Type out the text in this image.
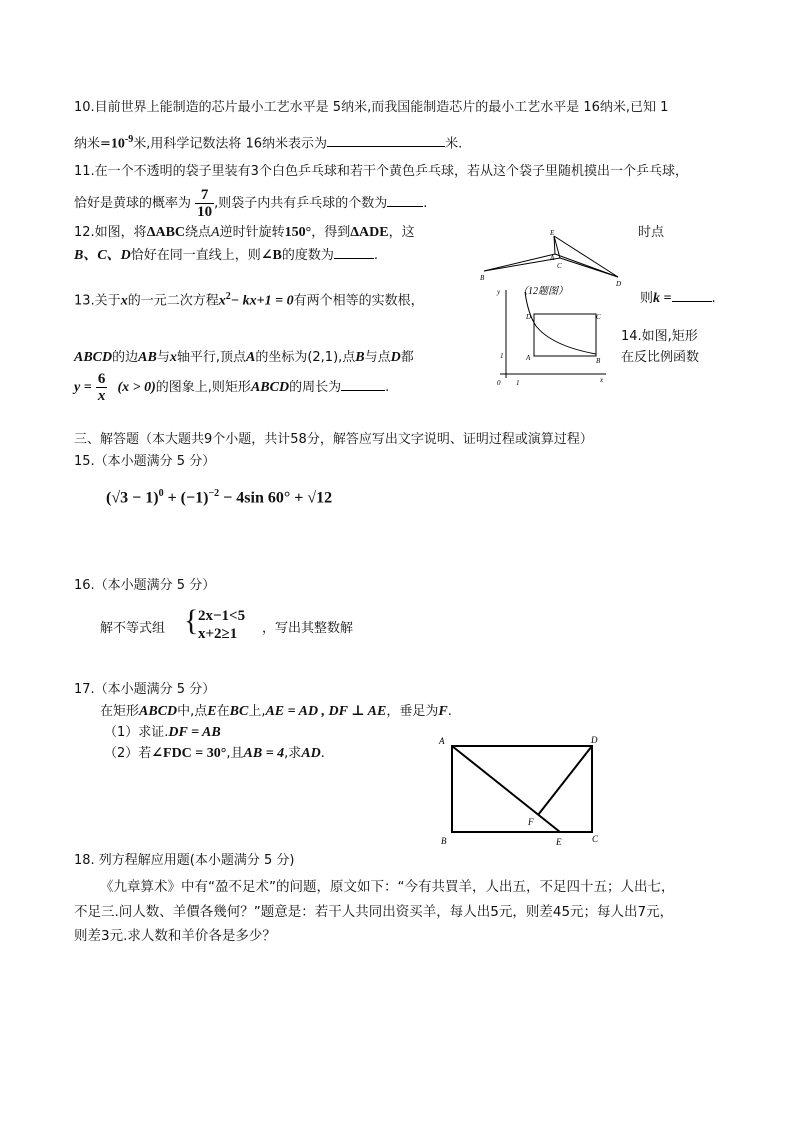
10.目前世界上能制造的芯片最小工艺水平是 5纳米,而我国能制造芯片的最小工艺水平是 16纳米,已知 1
纳米$=10^{-9}$米,用科学记数法将 16纳米表示为	米.
11.在一个不透明的袋子里装有3个白色乒乓球和若干个黄色乒乓球，若从这个袋子里随机摸出一个乒乓球，
恰好是黄球的概率为 $\frac{7}{10}$ ,则袋子内共有乒乓球的个数为	.
12.如图，将ΔABC绕点A逆时针旋转150°，得到ΔADE，这	时点
B、C、D恰好在同一直线上，则∠B的度数为	.
E
A
B
C
D
（12题图）
13.关于x的一元二次方程$x^2- kx+1 = 0$有两个相等的实数根，	则k =	.
y
D	C
A	B
0 1
1
x
14.如图,矩形
在反比例函数
ABCD的边AB与x轴平行,顶点A的坐标为(2,1),点B与点D都
$y = \frac{6}{x} (x > 0)$的图象上,则矩形ABCD的周长为	.
三、解答题（本大题共9个小题，共计58分，解答应写出文字说明、证明过程或演算过程）
15.（本小题满分 5 分）
$(√3 - 1)^0 + (-1)^{-2} - 4\sin$ 60° + √12
16.（本小题满分 5 分）
解不等式组 { 2x−1<5
x+2≥1 ，写出其整数解
17.（本小题满分 5 分）
在矩形ABCD中,点E在BC上,AE = AD , DF ⊥ AE，垂足为F.
（1）求证.DF = AB
（2）若∠FDC = 30°,且AB = 4,求AD.
A	D
F
B	E	C
18. 列方程解应用题(本小题满分 5 分)
《九章算术》中有“盈不足术”的问题，原文如下：“今有共買羊，人出五，不足四十五；人出七，
不足三.问人数、羊價各幾何？”题意是：若干人共同出资买羊，每人出5元，则差45元；每人出7元，
则差3元.求人数和羊价各是多少？
